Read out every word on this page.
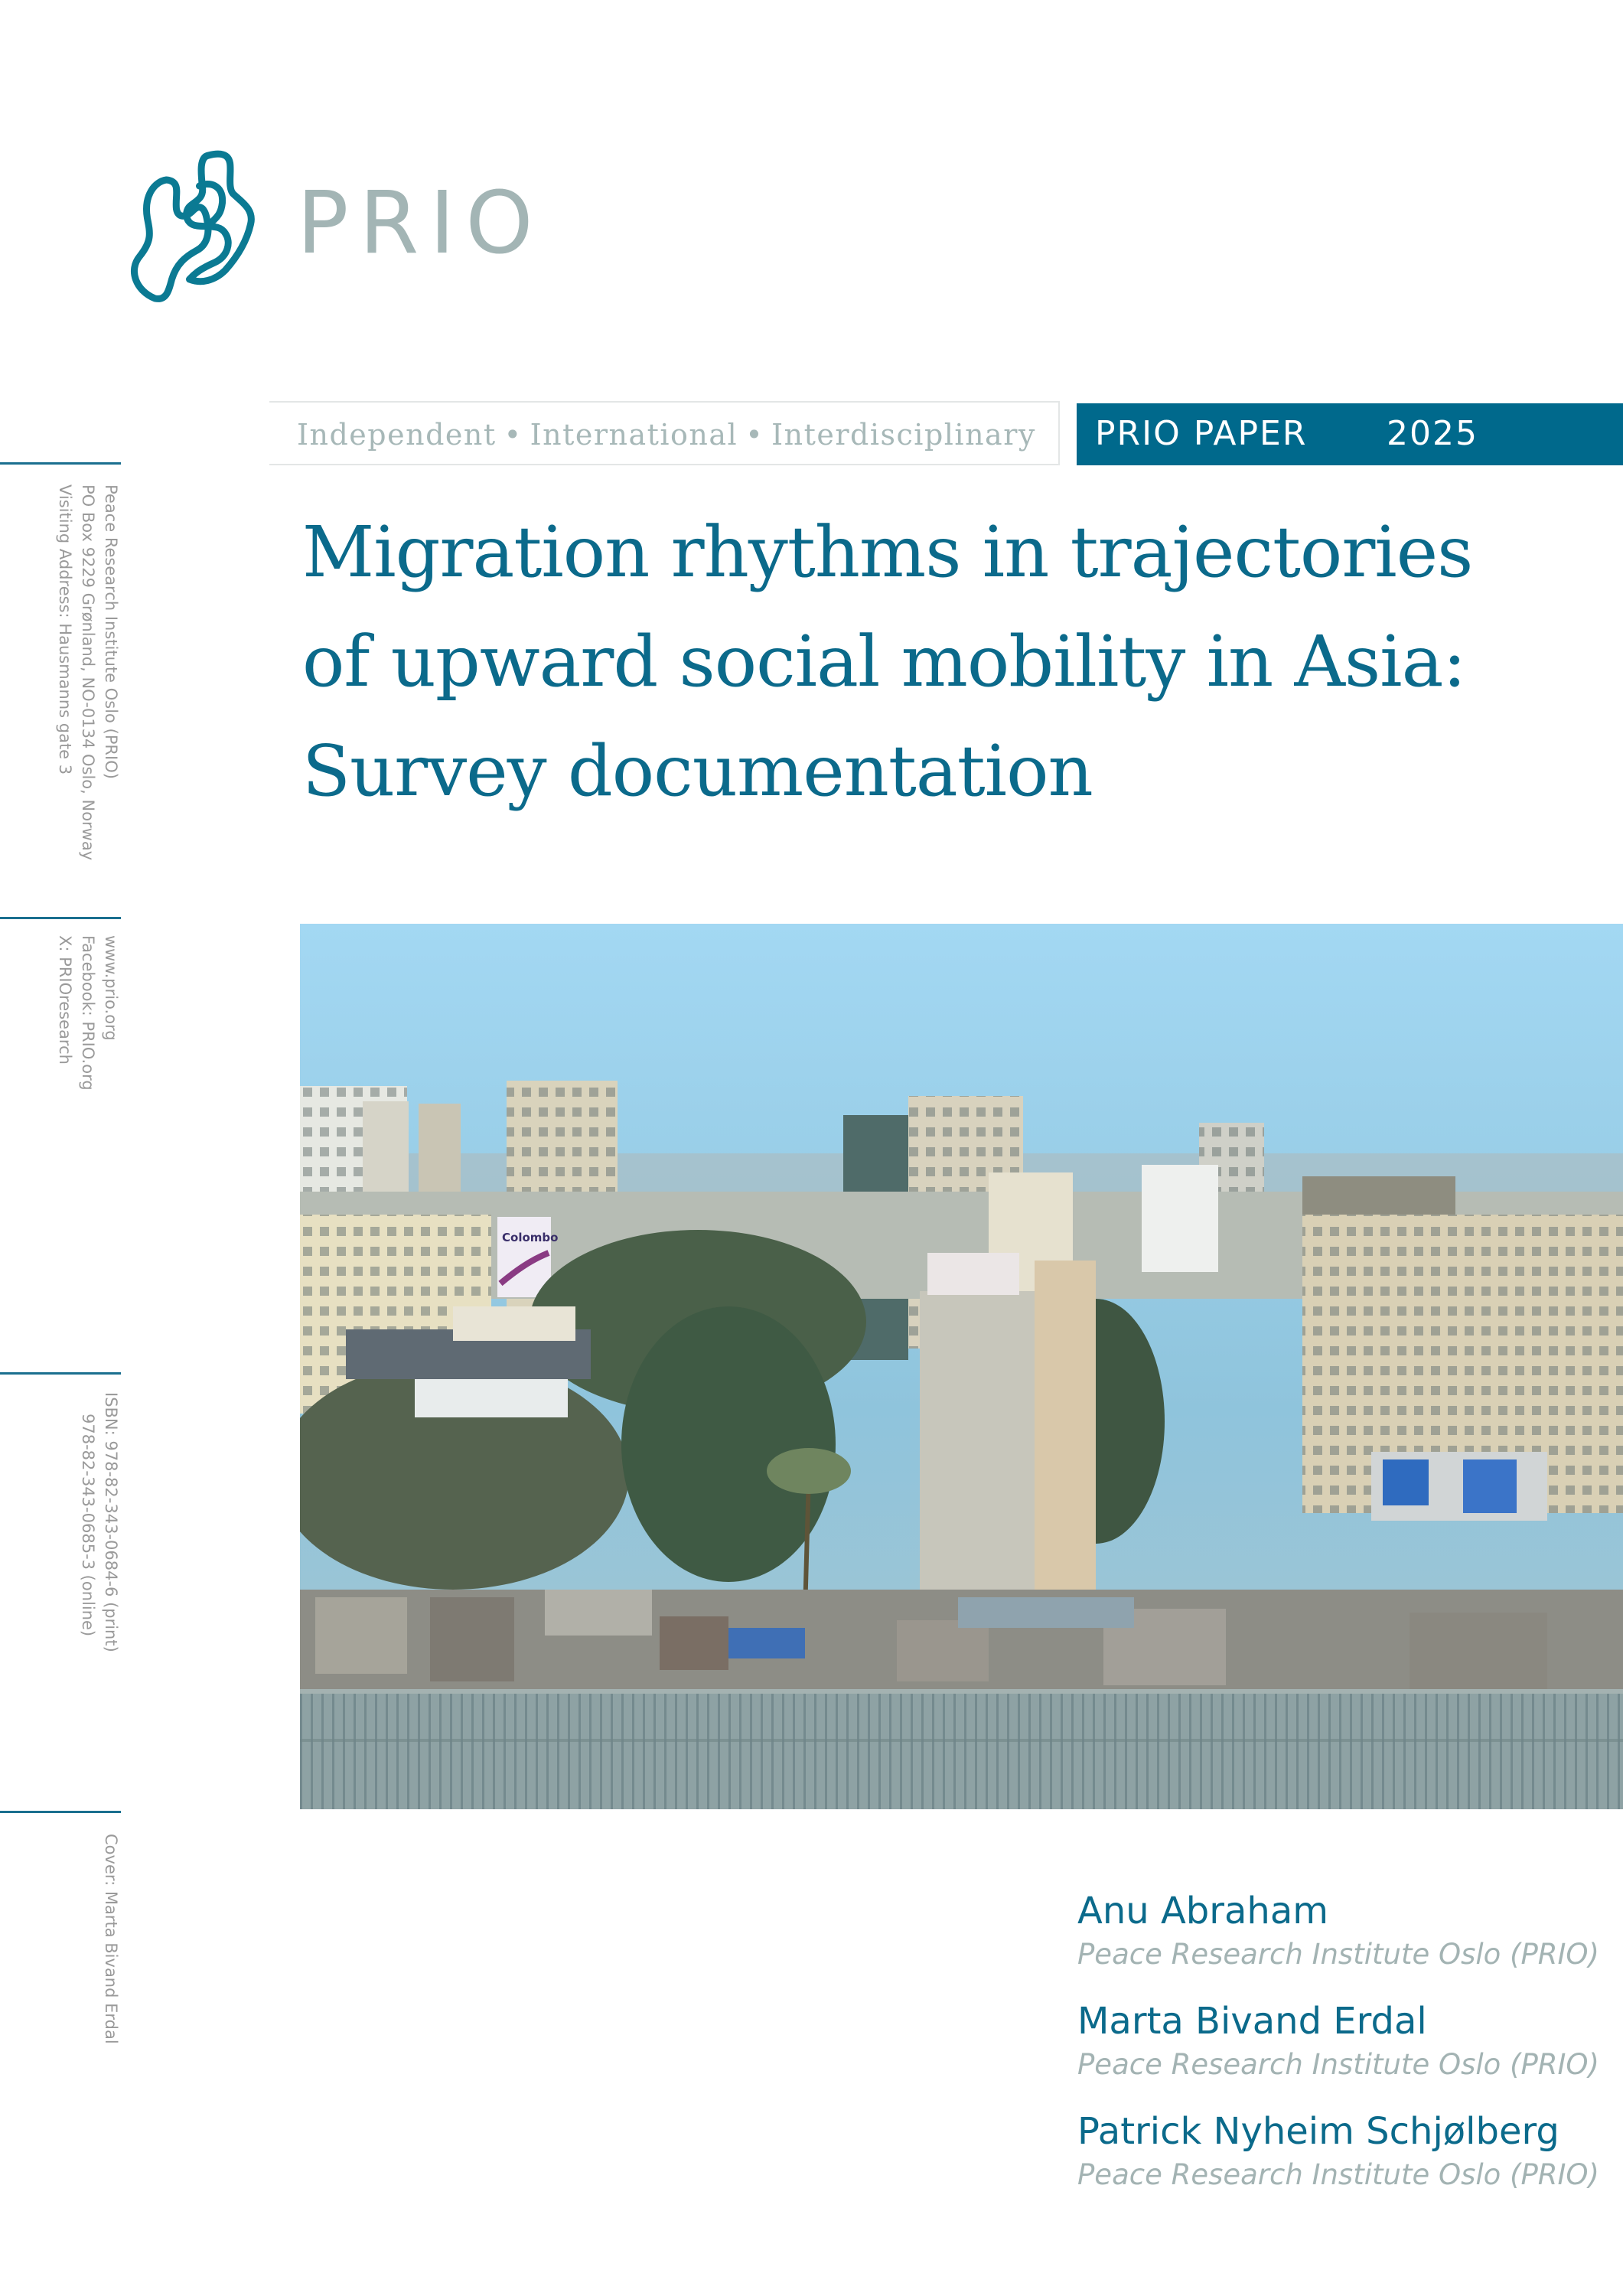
PRIO
Peace Research Institute Oslo (PRIO)
PO Box 9229 Grønland, NO-0134 Oslo, Norway
Visiting Address: Hausmanns gate 3
www.prio.org
Facebook: PRIO.org
X: PRIOresearch
ISBN: 978-82-343-0684-6 (print)
978-82-343-0685-3 (online)
Cover: Marta Bivand Erdal
Independent • International • Interdisciplinary PRIO PAPER 2025
Migration rhythms in trajectories
of upward social mobility in Asia:
Survey documentation
Colombo
Anu Abraham
Peace Research Institute Oslo (PRIO)
Marta Bivand Erdal
Peace Research Institute Oslo (PRIO)
Patrick Nyheim Schjølberg
Peace Research Institute Oslo (PRIO)
